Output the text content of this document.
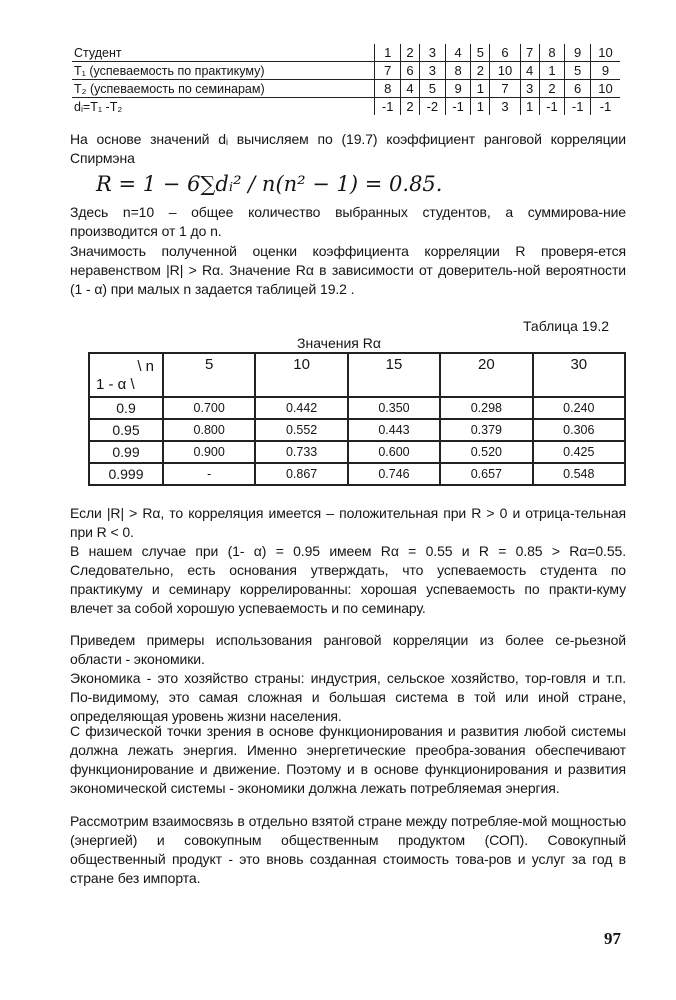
Студент	1	2	3	4	5	6	7	8	9	10
T₁ (успеваемость по практикуму)	7	6	3	8	2	10	4	1	5	9
T₂ (успеваемость по семинарам)	8	4	5	9	1	7	3	2	6	10
dᵢ=T₁ -T₂	-1	2	-2	-1	1	3	1	-1	-1	-1

На основе значений dᵢ вычисляем по (19.7) коэффициент ранговой корреляции Спирмэна

R = 1 − 6∑dᵢ² / n(n² − 1) = 0.85.

Здесь n=10 – общее количество выбранных студентов, а суммирова-ние производится от 1 до n.

Значимость полученной оценки коэффициента корреляции R проверя-ется неравенством |R| > Rα. Значение Rα в зависимости от доверитель-ной вероятности (1 - α) при малых n задается таблицей 19.2 .

Таблица 19.2
Значения Rα
\ n
1 - α \	5	10	15	20	30
0.9	0.700	0.442	0.350	0.298	0.240
0.95	0.800	0.552	0.443	0.379	0.306
0.99	0.900	0.733	0.600	0.520	0.425
0.999	-	0.867	0.746	0.657	0.548

Если |R| > Rα, то корреляция имеется – положительная при R > 0 и отрица-тельная при R < 0.

В нашем случае при (1- α) = 0.95 имеем Rα = 0.55 и R = 0.85 > Rα=0.55. Следовательно, есть основания утверждать, что успеваемость студента по практикуму и семинару коррелированны: хорошая успеваемость по практи-куму влечет за собой хорошую успеваемость и по семинару.

Приведем примеры использования ранговой корреляции из более се-рьезной области - экономики.

Экономика - это хозяйство страны: индустрия, сельское хозяйство, тор-говля и т.п. По-видимому, это самая сложная и большая система в той или иной стране, определяющая уровень жизни населения.

С физической точки зрения в основе функционирования и развития любой системы должна лежать энергия. Именно энергетические преобра-зования обеспечивают функционирование и движение. Поэтому и в основе функционирования и развития экономической системы - экономики должна лежать потребляемая энергия.

Рассмотрим взаимосвязь в отдельно взятой стране между потребляе-мой мощностью (энергией) и совокупным общественным продуктом (СОП). Совокупный общественный продукт - это вновь созданная стоимость това-ров и услуг за год в стране без импорта.

97
